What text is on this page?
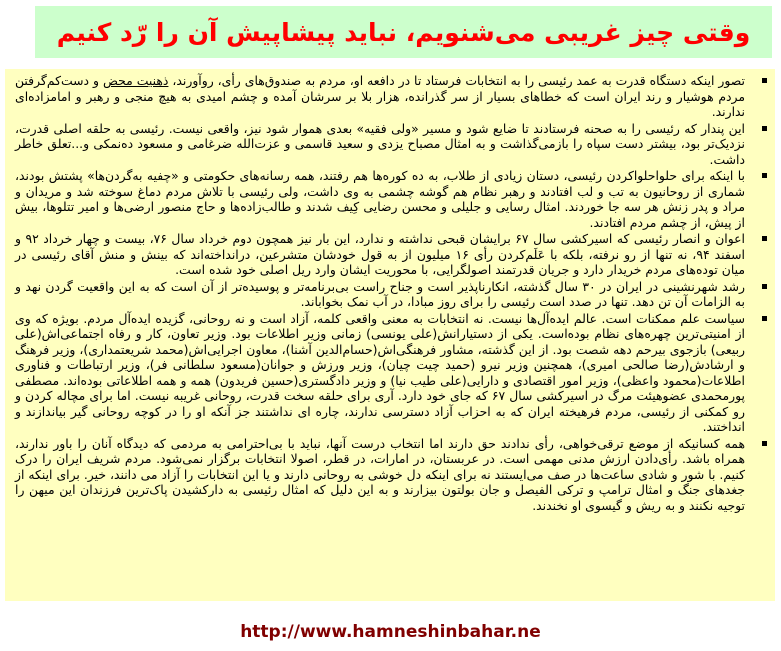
وقتی چیز غریبی می‌شنویم، نباید پیشاپیش آن را رّد کنیم
تصور اینکه دستگاه قدرت به عمد رئیسی را به انتخابات فرستاد تا در دافعه او، مردم به صندوق‌های رأی، روآورند، ذهنیت محض و دست‌کم‌گرفتن مردم هوشیار و رند ایران است که خطاهای بسیار از سر گذرانده، هزار بلا بر سرشان آمده و چشم امیدی به هیچ منجی و رهبر و امامزاده‌ای ندارند.
این پندار که رئیسی را به صحنه فرستادند تا ضایع شود و مسیر «ولی فقیه» بعدی هموار شود نیز، واقعی نیست. رئیسی به حلقه اصلی قدرت، نزدیک‌تر بود، بیشتر دست سپاه را بازمی‌گذاشت و به امثال مصباح یزدی و سعید قاسمی و عزت‌الله ضرغامی و مسعود ده‌نمکی و...تعلق خاطر داشت.
با اینکه برای حلواحلواکردن رئیسی، دستان زیادی از طلاب، به ده کوره‌ها هم رفتند، همه رسانه‌های حکومتی و «چفیه به‌گردن‌ها» پشتش بودند، شماری از روحانیون به تب و لب افتادند و رهبر نظام هم گوشه چشمی به وی داشت، ولی رئیسی با تلاش مردم دماغ سوخته شد و مریدان و مراد و پدر زنش هر سه جا خوردند. امثال رسایی و جلیلی و محسن رضایی کِیف شدند و طالب‌زاده‌ها و حاج منصور ارضی‌ها و امیر تتلوها، بیش از پیش، از چشم مردم افتادند.
اعوان و انصار رئیسی که اسیرکشی سال ۶۷ برایشان قبحی نداشته و ندارد، این بار نیز همچون دوم خرداد سال ۷۶، بیست و چهار خرداد ۹۲ و اسفند ۹۴، نه تنها از رو نرفته، بلکه با عَلَم‌کردن رأی ۱۶ میلیون از به قول خودشان متشرعین، درانداخته‌اند که بینش و منش آقای رئیسی در میان توده‌های مردم خریدار دارد و جریان قدرتمند اصولگرایی، با محوریت ایشان وارد ریل اصلی خود شده است.
رشد شهرنشینی در ایران در ۳۰ سال گذشته، انکارناپذیر است و جناح راست بی‌برنامه‌تر و پوسیده‌تر از آن است که به این واقعیت گردن نهد و به الزامات آن تن دهد. تنها در صدد است رئیسی را برای روز مبادا، در آب نمک بخواباند.
سیاست علم ممکنات است. عالم ایده‌آل‌ها نیست. نه انتخابات به معنی واقعی کلمه، آزاد است و نه روحانی، گزیده ایده‌آل مردم. بویژه که وی از امنیتی‌ترین چهره‌های نظام بوده‌است. یکی از دستیارانش(علی یونسی) زمانی وزیر اطلاعات بود. وزیر تعاون، کار و رفاه اجتماعی‌اش(علی ربیعی) بازجوی بیرحم دهه شصت بود. از این گذشته، مشاور فرهنگی‌اش(حسام‌الدین آشنا)، معاون اجرایی‌اش(محمد شریعتمداری)، وزیر فرهنگ و ارشادش(رضا صالحی امیری)، همچنین وزیر نیرو (حمید چیت چیان)، وزیر ورزش و جوانان(مسعود سلطانی فر)، وزیر ارتباطات و فناوری اطلاعات(محمود واعظی)، وزیر امور اقتصادی و دارایی(علی طیب نیا) و وزیر دادگستری(حسین فریدون) همه و همه اطلاعاتی بوده‌اند. مصطفی پورمحمدی عضوهیئت مرگ در اسیرکشی سال ۶۷ که جای خود دارد. آری برای حلقه سخت قدرت، روحانی غریبه نیست. اما برای مچاله کردن و رو کمکنی از رئیسی، مردم فرهیخته ایران که به احزاب آزاد دسترسی ندارند، چاره ای نداشتند جز آنکه او را در کوچه روحانی گیر بیاندازند و انداختند.
همه کسانیکه از موضع ترقی‌خواهی، رأی ندادند حق دارند اما انتخاب درست آنها، نباید با بی‌احترامی به مردمی که دیدگاه آنان را باور ندارند، همراه باشد. رأی‌دادن ارزش مدنی مهمی است. در عربستان، در امارات، در قطر، اصولا انتخابات برگزار نمی‌شود. مردم شریف ایران را درک کنیم. با شور و شادی ساعت‌ها در صف می‌ایستند نه برای اینکه دل خوشی به روحانی دارند و یا این انتخابات را آزاد می دانند، خیر. برای اینکه از جغدهای جنگ و امثال ترامپ و ترکی الفیصل و جان بولتون بیزارند و به این دلیل که امثال رئیسی به دارکشیدن پاک‌ترین فرزندان این میهن را توجیه نکنند و به ریش و گیسوی او نخندند.
http://www.hamneshinbahar.ne
